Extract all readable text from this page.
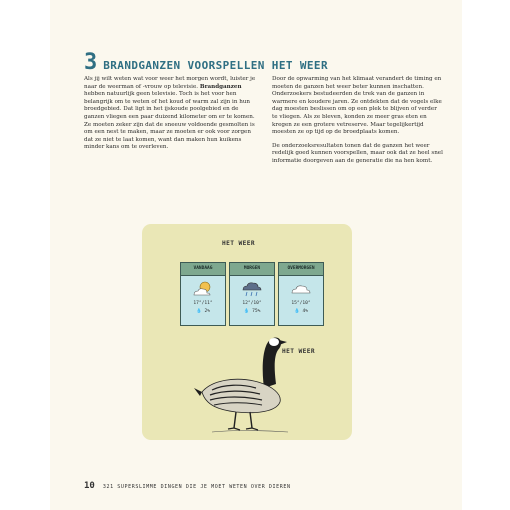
3 BRANDGANZEN VOORSPELLEN HET WEER

Als jij wilt weten wat voor weer het morgen wordt, luister je naar de weerman of -vrouw op televisie. Brandganzen hebben natuurlijk geen televisie. Toch is het voor hen belangrijk om te weten of het koud of warm zal zijn in hun broedgebied. Dat ligt in het ijskoude poolgebied en de ganzen vliegen een paar duizend kilometer om er te komen. Ze moeten zeker zijn dat de sneeuw voldoende gesmolten is om een nest te maken, maar ze moeten er ook voor zorgen dat ze niet te laat komen, want dan maken hun kuikens minder kans om te overleven.

Door de opwarming van het klimaat verandert de timing en moeten de ganzen het weer beter kunnen inschatten. Onderzoekers bestudeerden de trek van de ganzen in warmere en koudere jaren. Ze ontdekten dat de vogels elke dag moesten beslissen om op een plek te blijven of verder te vliegen. Als ze bleven, konden ze meer gras eten en kregen ze een grotere vetreserve. Maar tegelijkertijd moesten ze op tijd op de broedplaats komen.

De onderzoeksresultaten tonen dat de ganzen het weer redelijk goed kunnen voorspellen, maar ook dat ze heel snel informatie doorgeven aan de generatie die na hen komt.

HET WEER
VANDAAG
17°/11°
💧 2%
MORGEN
12°/10°
💧 75%
OVERMORGEN
15°/10°
💧 4%
HET WEER
10 321 SUPERSLIMME DINGEN DIE JE MOET WETEN OVER DIEREN
